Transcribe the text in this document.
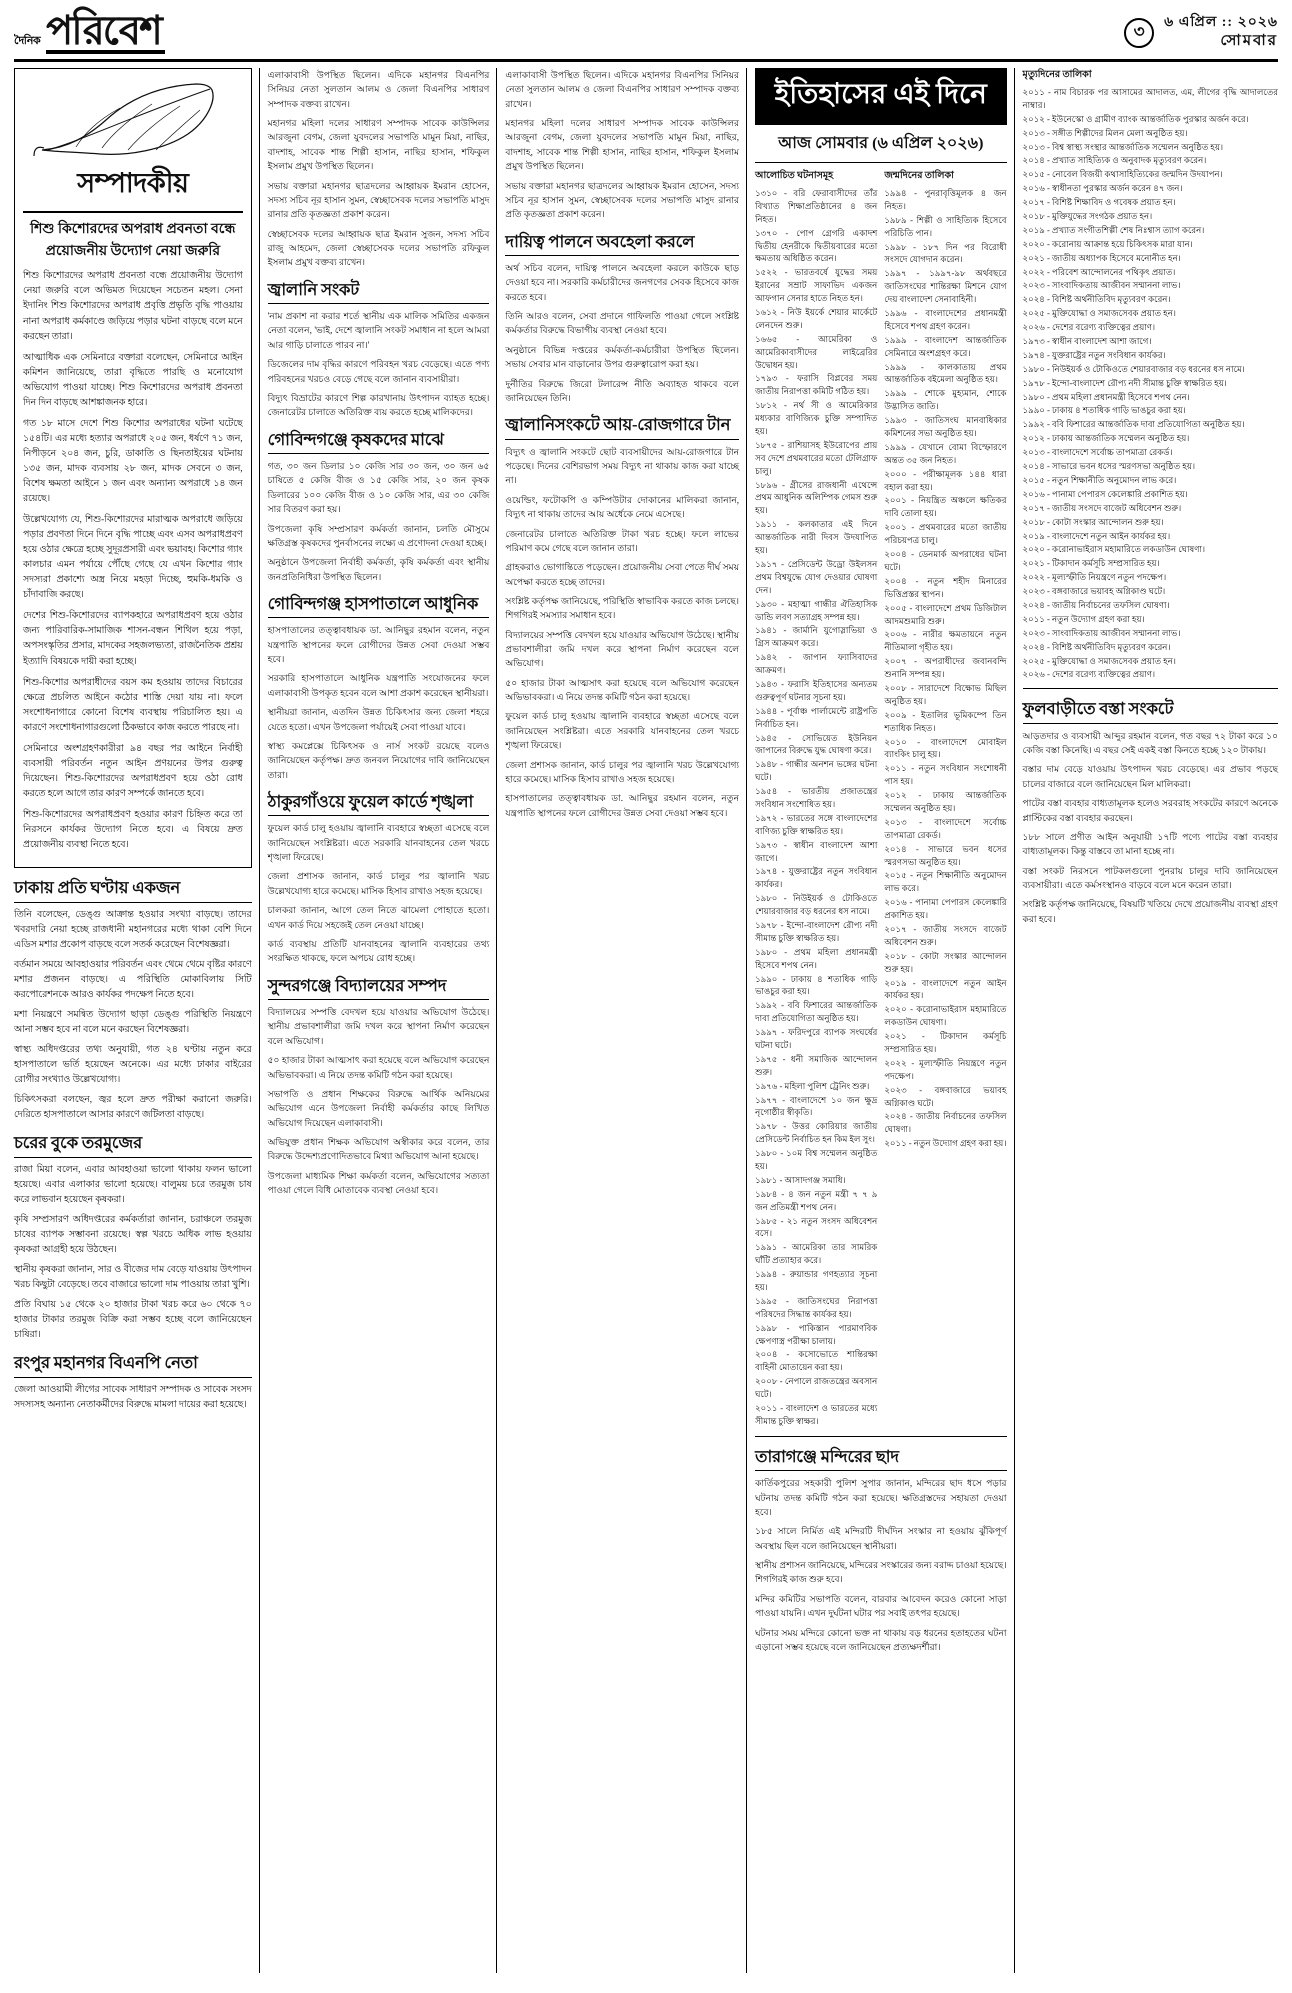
দৈনিক পরিবেশ	৩	৬ এপ্রিল :: ২০২৬
সোমবার
সম্পাদকীয়
শিশু কিশোরদের অপরাধ প্রবনতা বন্ধে
প্রয়োজনীয় উদ্যোগ নেয়া জরুরি

শিশু কিশোরদের অপরাধ প্রবনতা বন্ধে প্রয়োজনীয় উদ্যোগ নেয়া জরুরি বলে অভিমত দিয়েছেন সচেতন মহল। সেনা ইদানিং শিশু কিশোরদের অপরাধ প্রবৃত্তি প্রভৃতি বৃদ্ধি পাওয়ায় নানা অপরাধ কর্মকাণ্ডে জড়িয়ে পড়ার ঘটনা বাড়ছে বলে মনে করছেন তারা।

আত্মাধিক এক সেমিনারে বক্তারা বলেছেন, সেমিনারে আইন কমিশন জানিয়েছে, তারা বৃদ্ধিতে পারছি ও মনোযোগ অভিযোগ পাওয়া যাচ্ছে। শিশু কিশোরদের অপরাধ প্রবনতা দিন দিন বাড়ছে আশঙ্কাজনক হারে।

গত ১৮ মাসে দেশে শিশু কিশোর অপরাধের ঘটনা ঘটেছে ১৫৪টি। এর মধ্যে হত্যার অপরাধে ২০৫ জন, ধর্ষণে ৭১ জন, নিপীড়নে ২০৪ জন, চুরি, ডাকাতি ও ছিনতাইয়ের ঘটনায় ১৩৫ জন, মাদক ব্যবসায় ২৮ জন, মাদক সেবনে ৩ জন, বিশেষ ক্ষমতা আইনে ১ জন এবং অন্যান্য অপরাধে ১৪ জন রয়েছে।

উল্লেখযোগ্য যে, শিশু-কিশোরদের মারাত্মক অপরাধে জড়িয়ে পড়ার প্রবণতা দিনে দিনে বৃদ্ধি পাচ্ছে এবং এসব অপরাধপ্রবণ হয়ে ওঠার ক্ষেত্রে হচ্ছে সুদূরপ্রসারী এবং ভয়াবহ। কিশোর গ্যাং কালচার এমন পর্যায়ে পৌঁছে গেছে যে এখন কিশোর গ্যাং সদস্যরা প্রকাশ্যে অস্ত্র নিয়ে মহড়া দিচ্ছে, হুমকি-ধমকি ও চাঁদাবাজি করছে।

দেশের শিশু-কিশোরদের ব্যাপকহারে অপরাধপ্রবণ হয়ে ওঠার জন্য পারিবারিক-সামাজিক শাসন-বন্ধন শিথিল হয়ে পড়া, অপসংস্কৃতির প্রসার, মাদকের সহজলভ্যতা, রাজনৈতিক প্রশ্রয় ইত্যাদি বিষয়কে দায়ী করা হচ্ছে।

শিশু-কিশোর অপরাধীদের বয়স কম হওয়ায় তাদের বিচারের ক্ষেত্রে প্রচলিত আইনে কঠোর শাস্তি দেয়া যায় না। ফলে সংশোধনাগারে কোনো বিশেষ ব্যবস্থায় পরিচালিত হয়। এ কারণে সংশোধনাগারগুলো ঠিকভাবে কাজ করতে পারছে না।

সেমিনারে অংশগ্রহণকারীরা ৯৪ বছর পর আইনে নির্বাহী ব্যবসায়ী পরিবর্তন নতুন আইন প্রণয়নের উপর গুরুত্ব দিয়েছেন। শিশু-কিশোরদের অপরাধপ্রবণ হয়ে ওঠা রোধ করতে হলে আগে তার কারণ সম্পর্কে জানতে হবে।

শিশু-কিশোরদের অপরাধপ্রবণ হওয়ার কারণ চিহ্নিত করে তা নিরসনে কার্যকর উদ্যোগ নিতে হবে। এ বিষয়ে দ্রুত প্রয়োজনীয় ব্যবস্থা নিতে হবে।

ঢাকায় প্রতি ঘণ্টায় একজন

তিনি বলেছেন, ডেঙ্গু আক্রান্ত হওয়ার সংখ্যা বাড়ছে। তাদের খবরদারি নেয়া হচ্ছে রাজধানী মহানগরের মধ্যে থাকা বেশি দিনে এডিস মশার প্রকোপ বাড়ছে বলে সতর্ক করেছেন বিশেষজ্ঞরা।

বর্তমান সময়ে আবহাওয়ার পরিবর্তন এবং থেমে থেমে বৃষ্টির কারণে মশার প্রজনন বাড়ছে। এ পরিস্থিতি মোকাবিলায় সিটি করপোরেশনকে আরও কার্যকর পদক্ষেপ নিতে হবে।

মশা নিয়ন্ত্রণে সমন্বিত উদ্যোগ ছাড়া ডেঙ্গু পরিস্থিতি নিয়ন্ত্রণে আনা সম্ভব হবে না বলে মনে করছেন বিশেষজ্ঞরা।

স্বাস্থ্য অধিদপ্তরের তথ্য অনুযায়ী, গত ২৪ ঘণ্টায় নতুন করে হাসপাতালে ভর্তি হয়েছেন অনেকে। এর মধ্যে ঢাকার বাইরের রোগীর সংখ্যাও উল্লেখযোগ্য।

চিকিৎসকরা বলছেন, জ্বর হলে দ্রুত পরীক্ষা করানো জরুরি। দেরিতে হাসপাতালে আসার কারণে জটিলতা বাড়ছে।

চরের বুকে তরমুজের

রাজা মিয়া বলেন, এবার আবহাওয়া ভালো থাকায় ফলন ভালো হয়েছে। এবার এলাকার ভালো হয়েছে। বালুময় চরে তরমুজ চাষ করে লাভবান হয়েছেন কৃষকরা।

কৃষি সম্প্রসারণ অধিদপ্তরের কর্মকর্তারা জানান, চরাঞ্চলে তরমুজ চাষের ব্যাপক সম্ভাবনা রয়েছে। স্বল্প খরচে অধিক লাভ হওয়ায় কৃষকরা আগ্রহী হয়ে উঠছেন।

স্থানীয় কৃষকরা জানান, সার ও বীজের দাম বেড়ে যাওয়ায় উৎপাদন খরচ কিছুটা বেড়েছে। তবে বাজারে ভালো দাম পাওয়ায় তারা খুশি।

প্রতি বিঘায় ১৫ থেকে ২০ হাজার টাকা খরচ করে ৬০ থেকে ৭০ হাজার টাকার তরমুজ বিক্রি করা সম্ভব হচ্ছে বলে জানিয়েছেন চাষিরা।

রংপুর মহানগর বিএনপি নেতা

জেলা আওয়ামী লীগের সাবেক সাধারণ সম্পাদক ও সাবেক সংসদ সদস্যসহ অন্যান্য নেতাকর্মীদের বিরুদ্ধে মামলা দায়ের করা হয়েছে।

এলাকাবাসী উপস্থিত ছিলেন। এদিকে মহানগর বিএনপির সিনিয়র নেতা সুলতান আলম ও জেলা বিএনপির সাধারণ সম্পাদক বক্তব্য রাখেন।

মহানগর মহিলা দলের সাধারণ সম্পাদক সাবেক কাউন্সিলর আরজুনা বেগম, জেলা যুবদলের সভাপতি মামুন মিয়া, নাছির, বাদশাহ, সাবেক শান্ত শিল্পী হাসান, নাছির হাসান, শফিকুল ইসলাম প্রমুখ উপস্থিত ছিলেন।

সভায় বক্তারা মহানগর ছাত্রদলের আহ্বায়ক ইমরান হোসেন, সদস্য সচিব নূর হাসান সুমন, স্বেচ্ছাসেবক দলের সভাপতি মাসুদ রানার প্রতি কৃতজ্ঞতা প্রকাশ করেন।

স্বেচ্ছাসেবক দলের আহ্বায়ক ছাত্র ইমরান সুজন, সদস্য সচিব রাজু আহমেদ, জেলা স্বেচ্ছাসেবক দলের সভাপতি রফিকুল ইসলাম প্রমুখ বক্তব্য রাখেন।

জ্বালানি সংকট

'নাম প্রকাশ না করার শর্তে স্থানীয় এক মালিক সমিতির একজন নেতা বলেন, 'ভাই, দেশে জ্বালানি সংকট সমাধান না হলে আমরা আর গাড়ি চালাতে পারব না।'

ডিজেলের দাম বৃদ্ধির কারণে পরিবহন খরচ বেড়েছে। এতে পণ্য পরিবহনের খরচও বেড়ে গেছে বলে জানান ব্যবসায়ীরা।

বিদ্যুৎ বিভ্রাটের কারণে শিল্প কারখানায় উৎপাদন ব্যাহত হচ্ছে। জেনারেটর চালাতে অতিরিক্ত ব্যয় করতে হচ্ছে মালিকদের।

গোবিন্দগঞ্জে কৃষকদের মাঝে

গত, ৩০ জন ডিলার ১০ কেজি সার ৩০ জন, ৩০ জন ৬৫ চাষিতে ৫ কেজি বীজ ও ১৫ কেজি সার, ২০ জন কৃষক ডিলারের ১০০ কেজি বীজ ও ১০ কেজি সার, এর ৩০ কেজি সার বিতরণ করা হয়।

উপজেলা কৃষি সম্প্রসারণ কর্মকর্তা জানান, চলতি মৌসুমে ক্ষতিগ্রস্ত কৃষকদের পুনর্বাসনের লক্ষ্যে এ প্রণোদনা দেওয়া হচ্ছে।

অনুষ্ঠানে উপজেলা নির্বাহী কর্মকর্তা, কৃষি কর্মকর্তা এবং স্থানীয় জনপ্রতিনিধিরা উপস্থিত ছিলেন।

গোবিন্দগঞ্জ হাসপাতালে আধুনিক

হাসপাতালের তত্ত্বাবধায়ক ডা. আনিছুর রহমান বলেন, নতুন যন্ত্রপাতি স্থাপনের ফলে রোগীদের উন্নত সেবা দেওয়া সম্ভব হবে।

সরকারি হাসপাতালে আধুনিক যন্ত্রপাতি সংযোজনের ফলে এলাকাবাসী উপকৃত হবেন বলে আশা প্রকাশ করেছেন স্থানীয়রা।

স্থানীয়রা জানান, এতদিন উন্নত চিকিৎসার জন্য জেলা শহরে যেতে হতো। এখন উপজেলা পর্যায়েই সেবা পাওয়া যাবে।

স্বাস্থ্য কমপ্লেক্সে চিকিৎসক ও নার্স সংকট রয়েছে বলেও জানিয়েছেন কর্তৃপক্ষ। দ্রুত জনবল নিয়োগের দাবি জানিয়েছেন তারা।

ঠাকুরগাঁওয়ে ফুয়েল কার্ডে শৃঙ্খলা

ফুয়েল কার্ড চালু হওয়ায় জ্বালানি ব্যবহারে স্বচ্ছতা এসেছে বলে জানিয়েছেন সংশ্লিষ্টরা। এতে সরকারি যানবাহনের তেল খরচে শৃঙ্খলা ফিরেছে।

জেলা প্রশাসক জানান, কার্ড চালুর পর জ্বালানি খরচ উল্লেখযোগ্য হারে কমেছে। মাসিক হিসাব রাখাও সহজ হয়েছে।

চালকরা জানান, আগে তেল নিতে ঝামেলা পোহাতে হতো। এখন কার্ড দিয়ে সহজেই তেল নেওয়া যাচ্ছে।

কার্ড ব্যবস্থায় প্রতিটি যানবাহনের জ্বালানি ব্যবহারের তথ্য সংরক্ষিত থাকছে, ফলে অপচয় রোধ হচ্ছে।

সুন্দরগঞ্জে বিদ্যালয়ের সম্পদ

বিদ্যালয়ের সম্পত্তি বেদখল হয়ে যাওয়ার অভিযোগ উঠেছে। স্থানীয় প্রভাবশালীরা জমি দখল করে স্থাপনা নির্মাণ করেছেন বলে অভিযোগ।

৫০ হাজার টাকা আত্মসাৎ করা হয়েছে বলে অভিযোগ করেছেন অভিভাবকরা। এ নিয়ে তদন্ত কমিটি গঠন করা হয়েছে।

সভাপতি ও প্রধান শিক্ষকের বিরুদ্ধে আর্থিক অনিয়মের অভিযোগ এনে উপজেলা নির্বাহী কর্মকর্তার কাছে লিখিত অভিযোগ দিয়েছেন এলাকাবাসী।

অভিযুক্ত প্রধান শিক্ষক অভিযোগ অস্বীকার করে বলেন, তার বিরুদ্ধে উদ্দেশ্যপ্রণোদিতভাবে মিথ্যা অভিযোগ আনা হয়েছে।

উপজেলা মাধ্যমিক শিক্ষা কর্মকর্তা বলেন, অভিযোগের সত্যতা পাওয়া গেলে বিধি মোতাবেক ব্যবস্থা নেওয়া হবে।

এলাকাবাসী উপস্থিত ছিলেন। এদিকে মহানগর বিএনপির সিনিয়র নেতা সুলতান আলম ও জেলা বিএনপির সাধারণ সম্পাদক বক্তব্য রাখেন।

মহানগর মহিলা দলের সাধারণ সম্পাদক সাবেক কাউন্সিলর আরজুনা বেগম, জেলা যুবদলের সভাপতি মামুন মিয়া, নাছির, বাদশাহ, সাবেক শান্ত শিল্পী হাসান, নাছির হাসান, শফিকুল ইসলাম প্রমুখ উপস্থিত ছিলেন।

সভায় বক্তারা মহানগর ছাত্রদলের আহ্বায়ক ইমরান হোসেন, সদস্য সচিব নূর হাসান সুমন, স্বেচ্ছাসেবক দলের সভাপতি মাসুদ রানার প্রতি কৃতজ্ঞতা প্রকাশ করেন।

দায়িত্ব পালনে অবহেলা করলে

অর্থ সচিব বলেন, দায়িত্ব পালনে অবহেলা করলে কাউকে ছাড় দেওয়া হবে না। সরকারি কর্মচারীদের জনগণের সেবক হিসেবে কাজ করতে হবে।

তিনি আরও বলেন, সেবা প্রদানে গাফিলতি পাওয়া গেলে সংশ্লিষ্ট কর্মকর্তার বিরুদ্ধে বিভাগীয় ব্যবস্থা নেওয়া হবে।

অনুষ্ঠানে বিভিন্ন দপ্তরের কর্মকর্তা-কর্মচারীরা উপস্থিত ছিলেন। সভায় সেবার মান বাড়ানোর উপর গুরুত্বারোপ করা হয়।

দুর্নীতির বিরুদ্ধে জিরো টলারেন্স নীতি অব্যাহত থাকবে বলে জানিয়েছেন তিনি।

জ্বালানিসংকটে আয়-রোজগারে টান

বিদ্যুৎ ও জ্বালানি সংকটে ছোট ব্যবসায়ীদের আয়-রোজগারে টান পড়েছে। দিনের বেশিরভাগ সময় বিদ্যুৎ না থাকায় কাজ করা যাচ্ছে না।

ওয়েল্ডিং, ফটোকপি ও কম্পিউটার দোকানের মালিকরা জানান, বিদ্যুৎ না থাকায় তাদের আয় অর্ধেকে নেমে এসেছে।

জেনারেটর চালাতে অতিরিক্ত টাকা খরচ হচ্ছে। ফলে লাভের পরিমাণ কমে গেছে বলে জানান তারা।

গ্রাহকরাও ভোগান্তিতে পড়েছেন। প্রয়োজনীয় সেবা পেতে দীর্ঘ সময় অপেক্ষা করতে হচ্ছে তাদের।

সংশ্লিষ্ট কর্তৃপক্ষ জানিয়েছে, পরিস্থিতি স্বাভাবিক করতে কাজ চলছে। শিগগিরই সমস্যার সমাধান হবে।

বিদ্যালয়ের সম্পত্তি বেদখল হয়ে যাওয়ার অভিযোগ উঠেছে। স্থানীয় প্রভাবশালীরা জমি দখল করে স্থাপনা নির্মাণ করেছেন বলে অভিযোগ।

৫০ হাজার টাকা আত্মসাৎ করা হয়েছে বলে অভিযোগ করেছেন অভিভাবকরা। এ নিয়ে তদন্ত কমিটি গঠন করা হয়েছে।

ফুয়েল কার্ড চালু হওয়ায় জ্বালানি ব্যবহারে স্বচ্ছতা এসেছে বলে জানিয়েছেন সংশ্লিষ্টরা। এতে সরকারি যানবাহনের তেল খরচে শৃঙ্খলা ফিরেছে।

জেলা প্রশাসক জানান, কার্ড চালুর পর জ্বালানি খরচ উল্লেখযোগ্য হারে কমেছে। মাসিক হিসাব রাখাও সহজ হয়েছে।

হাসপাতালের তত্ত্বাবধায়ক ডা. আনিছুর রহমান বলেন, নতুন যন্ত্রপাতি স্থাপনের ফলে রোগীদের উন্নত সেবা দেওয়া সম্ভব হবে।

ইতিহাসের এই দিনে
আজ সোমবার (৬ এপ্রিল ২০২৬)
আলোচিত ঘটনাসমূহ
১৩১০ - বরি ফেরাবাসীদের তাঁর বিখ্যাত শিক্ষাপ্রতিষ্ঠানের ৪ জন নিহত।
১৩৭০ - পোপ গ্রেগরি একাদশ দ্বিতীয় হেনরীকে দ্বিতীয়বারের মতো ক্ষমতায় অধিষ্ঠিত করেন।
১৫২২ - ভারতবর্ষে যুদ্ধের সময় ইরানের সম্রাট সাফাভিদ একজন আফগান সেনার হাতে নিহত হন।
১৬১২ - নিউ ইয়র্কে শেয়ার মার্কেটে লেনদেন শুরু।
১৬৬৫ - আমেরিকা ও আমেরিকাবাসীদের লাইব্রেরির উদ্বোধন হয়।
১৭৯৩ - ফরাসি বিপ্লবের সময় জাতীয় নিরাপত্তা কমিটি গঠিত হয়।
১৮১২ - নর্থ সী ও আমেরিকার মধ্যকার বাণিজ্যিক চুক্তি সম্পাদিত হয়।
১৮৭৫ - রাশিয়াসহ ইউরোপের প্রায় সব দেশে প্রথমবারের মতো টেলিগ্রাফ চালু।
১৮৯৬ - গ্রীসের রাজধানী এথেন্সে প্রথম আধুনিক অলিম্পিক গেমস শুরু হয়।
১৯১১ - কলকাতার এই দিনে আন্তর্জাতিক নারী দিবস উদযাপিত হয়।
১৯১৭ - প্রেসিডেন্ট উড্রো উইলসন প্রথম বিশ্বযুদ্ধে যোগ দেওয়ার ঘোষণা দেন।
১৯৩০ - মহাত্মা গান্ধীর ঐতিহাসিক ডান্ডি লবণ সত্যাগ্রহ সম্পন্ন হয়।
১৯৪১ - জার্মানি যুগোস্লাভিয়া ও গ্রিস আক্রমণ করে।
১৯৪২ - জাপান ফ্যাসিবাদের আক্রমণ।
১৯৪৩ - ফরাসি ইতিহাসের অন্যতম গুরুত্বপূর্ণ ঘটনার সূচনা হয়।
১৯৪৪ - পূর্বাঞ্চ পার্লামেন্টে রাষ্ট্রপতি নির্বাচিত হন।
১৯৪৫ - সোভিয়েত ইউনিয়ন জাপানের বিরুদ্ধে যুদ্ধ ঘোষণা করে।
১৯৪৮ - গান্ধীর অনশন ভঙ্গের ঘটনা ঘটে।
১৯৫৪ - ভারতীয় প্রজাতন্ত্রের সংবিধান সংশোধিত হয়।
১৯৭২ - ভারতের সঙ্গে বাংলাদেশের বাণিজ্য চুক্তি স্বাক্ষরিত হয়।
১৯৭৩ - স্বাধীন বাংলাদেশ আশা জাগে।
১৯৭৪ - যুক্তরাষ্ট্রের নতুন সংবিধান কার্যকর।
১৯৮০ - নিউইয়র্ক ও টোকিওতে শেয়ারবাজার বড় ধরনের ধস নামে।
১৯৭৮ - ইন্দো-বাংলাদেশ রৌপ্য নদী সীমান্ত চুক্তি স্বাক্ষরিত হয়।
১৯৮০ - প্রথম মহিলা প্রধানমন্ত্রী হিসেবে শপথ নেন।
১৯৯০ - ঢাকায় ৪ শতাধিক গাড়ি ভাঙচুর করা হয়।
১৯৯২ - ববি ফিশারের আন্তর্জাতিক দাবা প্রতিযোগিতা অনুষ্ঠিত হয়।
১৯৯৭ - ফরিদপুরে ব্যাপক সংঘর্ষের ঘটনা ঘটে।
১৯৭৫ - ধনী সমাজিক আন্দোলন শুরু।
১৯৭৬ - মহিলা পুলিশ ট্রেনিং শুরু।
১৯৭৭ - বাংলাদেশে ১০ জন ক্ষুদ্র নৃগোষ্ঠীর স্বীকৃতি।
১৯৭৮ - উত্তর কোরিয়ার জাতীয় প্রেসিডেন্ট নির্বাচিত হন কিম ইল সুং।
১৯৮০ - ১০ম বিশ্ব সম্মেলন অনুষ্ঠিত হয়।
১৯৮১ - আসাদগঞ্জ সমাধি।
১৯৮৪ - ৪ জন নতুন মন্ত্রী ৭ ৭ ৯ জন প্রতিমন্ত্রী শপথ নেন।
১৯৮৫ - ২১ নতুন সংসদ অধিবেশন বসে।
১৯৯১ - আমেরিকা তার সামরিক ঘাঁটি প্রত্যাহার করে।
১৯৯৪ - রুয়ান্ডার গণহত্যার সূচনা হয়।
১৯৯৫ - জাতিসংঘের নিরাপত্তা পরিষদের সিদ্ধান্ত কার্যকর হয়।
১৯৯৮ - পাকিস্তান পারমাণবিক ক্ষেপণাস্ত্র পরীক্ষা চালায়।
২০০৪ - কসোভোতে শান্তিরক্ষা বাহিনী মোতায়েন করা হয়।
২০০৮ - নেপালে রাজতন্ত্রের অবসান ঘটে।
২০১১ - বাংলাদেশ ও ভারতের মধ্যে সীমান্ত চুক্তি স্বাক্ষর।
জন্মদিনের তালিকা
১৯৯৪ - পুনরাবৃত্তিমূলক ৪ জন নিহত।
১৯৮৯ - শিল্পী ও সাহিত্যিক হিসেবে পরিচিতি পান।
১৯৯৮ - ১৮৭ দিন পর বিরোধী সংসদে যোগদান করেন।
১৯৯৭ - ১৯৯৭-৯৮ অর্থবছরে জাতিসংঘের শান্তিরক্ষা মিশনে যোগ দেয় বাংলাদেশ সেনাবাহিনী।
১৯৯৬ - বাংলাদেশের প্রধানমন্ত্রী হিসেবে শপথ গ্রহণ করেন।
১৯৯৯ - বাংলাদেশ আন্তর্জাতিক সেমিনারে অংশগ্রহণ করে।
১৯৯৯ - কালকাতায় প্রথম আন্তর্জাতিক বইমেলা অনুষ্ঠিত হয়।
১৯৯৯ - শোকে মুহ্যমান, শোকে উদ্ভাসিত জাতি।
১৯৯৩ - জাতিসংঘ মানবাধিকার কমিশনের সভা অনুষ্ঠিত হয়।
১৯৯৯ - যেখানে বোমা বিস্ফোরণে অন্তত ৩৫ জন নিহত।
২০০০ - পরীক্ষামূলক ১৪৪ ধারা বহাল করা হয়।
২০০১ - নিয়ন্ত্রিত অঞ্চলে ক্ষতিকর দাবি তোলা হয়।
২০০১ - প্রথমবারের মতো জাতীয় পরিচয়পত্র চালু।
২০০৪ - ডেনমার্ক অপরাধের ঘটনা ঘটে।
২০০৪ - নতুন শহীদ মিনারের ভিত্তিপ্রস্তর স্থাপন।
২০০৫ - বাংলাদেশে প্রথম ডিজিটাল আদমশুমারি শুরু।
২০০৬ - নারীর ক্ষমতায়নে নতুন নীতিমালা গৃহীত হয়।
২০০৭ - অপরাধীদের জবানবন্দি শুনানি সম্পন্ন হয়।
২০০৮ - সারাদেশে বিক্ষোভ মিছিল অনুষ্ঠিত হয়।
২০০৯ - ইতালির ভূমিকম্পে তিন শতাধিক নিহত।
২০১০ - বাংলাদেশে মোবাইল ব্যাংকিং চালু হয়।
২০১১ - নতুন সংবিধান সংশোধনী পাস হয়।
২০১২ - ঢাকায় আন্তর্জাতিক সম্মেলন অনুষ্ঠিত হয়।
২০১৩ - বাংলাদেশে সর্বোচ্চ তাপমাত্রা রেকর্ড।
২০১৪ - সাভারে ভবন ধসের স্মরণসভা অনুষ্ঠিত হয়।
২০১৫ - নতুন শিক্ষানীতি অনুমোদন লাভ করে।
২০১৬ - পানামা পেপারস কেলেঙ্কারি প্রকাশিত হয়।
২০১৭ - জাতীয় সংসদে বাজেট অধিবেশন শুরু।
২০১৮ - কোটা সংস্কার আন্দোলন শুরু হয়।
২০১৯ - বাংলাদেশে নতুন আইন কার্যকর হয়।
২০২০ - করোনাভাইরাস মহামারিতে লকডাউন ঘোষণা।
২০২১ - টিকাদান কর্মসূচি সম্প্রসারিত হয়।
২০২২ - মূল্যস্ফীতি নিয়ন্ত্রণে নতুন পদক্ষেপ।
২০২৩ - বঙ্গবাজারে ভয়াবহ অগ্নিকাণ্ড ঘটে।
২০২৪ - জাতীয় নির্বাচনের তফসিল ঘোষণা।
২০১১ - নতুন উদ্যোগ গ্রহণ করা হয়।
তারাগঞ্জে মন্দিরের ছাদ

কার্তিকপুরের সহকারী পুলিশ সুপার জানান, মন্দিরের ছাদ ধসে পড়ার ঘটনায় তদন্ত কমিটি গঠন করা হয়েছে। ক্ষতিগ্রস্তদের সহায়তা দেওয়া হবে।

১৮৫ সালে নির্মিত এই মন্দিরটি দীর্ঘদিন সংস্কার না হওয়ায় ঝুঁকিপূর্ণ অবস্থায় ছিল বলে জানিয়েছেন স্থানীয়রা।

স্থানীয় প্রশাসন জানিয়েছে, মন্দিরের সংস্কারের জন্য বরাদ্দ চাওয়া হয়েছে। শিগগিরই কাজ শুরু হবে।

মন্দির কমিটির সভাপতি বলেন, বারবার আবেদন করেও কোনো সাড়া পাওয়া যায়নি। এখন দুর্ঘটনা ঘটার পর সবাই তৎপর হয়েছে।

ঘটনার সময় মন্দিরে কোনো ভক্ত না থাকায় বড় ধরনের হতাহতের ঘটনা এড়ানো সম্ভব হয়েছে বলে জানিয়েছেন প্রত্যক্ষদর্শীরা।

মৃত্যুদিনের তালিকা
২০১১ - নাম বিচারক পর আসামের আদালত, এম, লীগের বৃদ্ধি আদালতের নাম্বার।
২০১২ - ইউনেস্কো ও গ্রামীণ ব্যাংক আন্তর্জাতিক পুরস্কার অর্জন করে।
২০১৩ - সঙ্গীত শিল্পীদের মিলন মেলা অনুষ্ঠিত হয়।
২০১৩ - বিশ্ব স্বাস্থ্য সংস্থার আন্তর্জাতিক সম্মেলন অনুষ্ঠিত হয়।
২০১৪ - প্রখ্যাত সাহিত্যিক ও অনুবাদক মৃত্যুবরণ করেন।
২০১৫ - নোবেল বিজয়ী কথাসাহিত্যিকের জন্মদিন উদযাপন।
২০১৬ - স্বাধীনতা পুরস্কার অর্জন করেন ৪৭ জন।
২০১৭ - বিশিষ্ট শিক্ষাবিদ ও গবেষক প্রয়াত হন।
২০১৮ - মুক্তিযুদ্ধের সংগঠক প্রয়াত হন।
২০১৯ - প্রখ্যাত সংগীতশিল্পী শেষ নিঃশ্বাস ত্যাগ করেন।
২০২০ - করোনায় আক্রান্ত হয়ে চিকিৎসক মারা যান।
২০২১ - জাতীয় অধ্যাপক হিসেবে মনোনীত হন।
২০২২ - পরিবেশ আন্দোলনের পথিকৃৎ প্রয়াত।
২০২৩ - সাংবাদিকতায় আজীবন সম্মাননা লাভ।
২০২৪ - বিশিষ্ট অর্থনীতিবিদ মৃত্যুবরণ করেন।
২০২৫ - মুক্তিযোদ্ধা ও সমাজসেবক প্রয়াত হন।
২০২৬ - দেশের বরেণ্য ব্যক্তিত্বের প্রয়াণ।
১৯৭৩ - স্বাধীন বাংলাদেশ আশা জাগে।
১৯৭৪ - যুক্তরাষ্ট্রের নতুন সংবিধান কার্যকর।
১৯৮০ - নিউইয়র্ক ও টোকিওতে শেয়ারবাজার বড় ধরনের ধস নামে।
১৯৭৮ - ইন্দো-বাংলাদেশ রৌপ্য নদী সীমান্ত চুক্তি স্বাক্ষরিত হয়।
১৯৮০ - প্রথম মহিলা প্রধানমন্ত্রী হিসেবে শপথ নেন।
১৯৯০ - ঢাকায় ৪ শতাধিক গাড়ি ভাঙচুর করা হয়।
১৯৯২ - ববি ফিশারের আন্তর্জাতিক দাবা প্রতিযোগিতা অনুষ্ঠিত হয়।
২০১২ - ঢাকায় আন্তর্জাতিক সম্মেলন অনুষ্ঠিত হয়।
২০১৩ - বাংলাদেশে সর্বোচ্চ তাপমাত্রা রেকর্ড।
২০১৪ - সাভারে ভবন ধসের স্মরণসভা অনুষ্ঠিত হয়।
২০১৫ - নতুন শিক্ষানীতি অনুমোদন লাভ করে।
২০১৬ - পানামা পেপারস কেলেঙ্কারি প্রকাশিত হয়।
২০১৭ - জাতীয় সংসদে বাজেট অধিবেশন শুরু।
২০১৮ - কোটা সংস্কার আন্দোলন শুরু হয়।
২০১৯ - বাংলাদেশে নতুন আইন কার্যকর হয়।
২০২০ - করোনাভাইরাস মহামারিতে লকডাউন ঘোষণা।
২০২১ - টিকাদান কর্মসূচি সম্প্রসারিত হয়।
২০২২ - মূল্যস্ফীতি নিয়ন্ত্রণে নতুন পদক্ষেপ।
২০২৩ - বঙ্গবাজারে ভয়াবহ অগ্নিকাণ্ড ঘটে।
২০২৪ - জাতীয় নির্বাচনের তফসিল ঘোষণা।
২০১১ - নতুন উদ্যোগ গ্রহণ করা হয়।
২০২৩ - সাংবাদিকতায় আজীবন সম্মাননা লাভ।
২০২৪ - বিশিষ্ট অর্থনীতিবিদ মৃত্যুবরণ করেন।
২০২৫ - মুক্তিযোদ্ধা ও সমাজসেবক প্রয়াত হন।
২০২৬ - দেশের বরেণ্য ব্যক্তিত্বের প্রয়াণ।
ফুলবাড়ীতে বস্তা সংকটে

আড়তদার ও ব্যবসায়ী আব্দুর রহমান বলেন, গত বছর ৭২ টাকা করে ১০ কেজি বস্তা কিনেছি। এ বছর সেই একই বস্তা কিনতে হচ্ছে ১২০ টাকায়।

বস্তার দাম বেড়ে যাওয়ায় উৎপাদন খরচ বেড়েছে। এর প্রভাব পড়ছে চালের বাজারে বলে জানিয়েছেন মিল মালিকরা।

পাটের বস্তা ব্যবহার বাধ্যতামূলক হলেও সরবরাহ সংকটের কারণে অনেকে প্লাস্টিকের বস্তা ব্যবহার করছেন।

১৮৮ সালে প্রণীত আইন অনুযায়ী ১৭টি পণ্যে পাটের বস্তা ব্যবহার বাধ্যতামূলক। কিন্তু বাস্তবে তা মানা হচ্ছে না।

বস্তা সংকট নিরসনে পাটকলগুলো পুনরায় চালুর দাবি জানিয়েছেন ব্যবসায়ীরা। এতে কর্মসংস্থানও বাড়বে বলে মনে করেন তারা।

সংশ্লিষ্ট কর্তৃপক্ষ জানিয়েছে, বিষয়টি খতিয়ে দেখে প্রয়োজনীয় ব্যবস্থা গ্রহণ করা হবে।
